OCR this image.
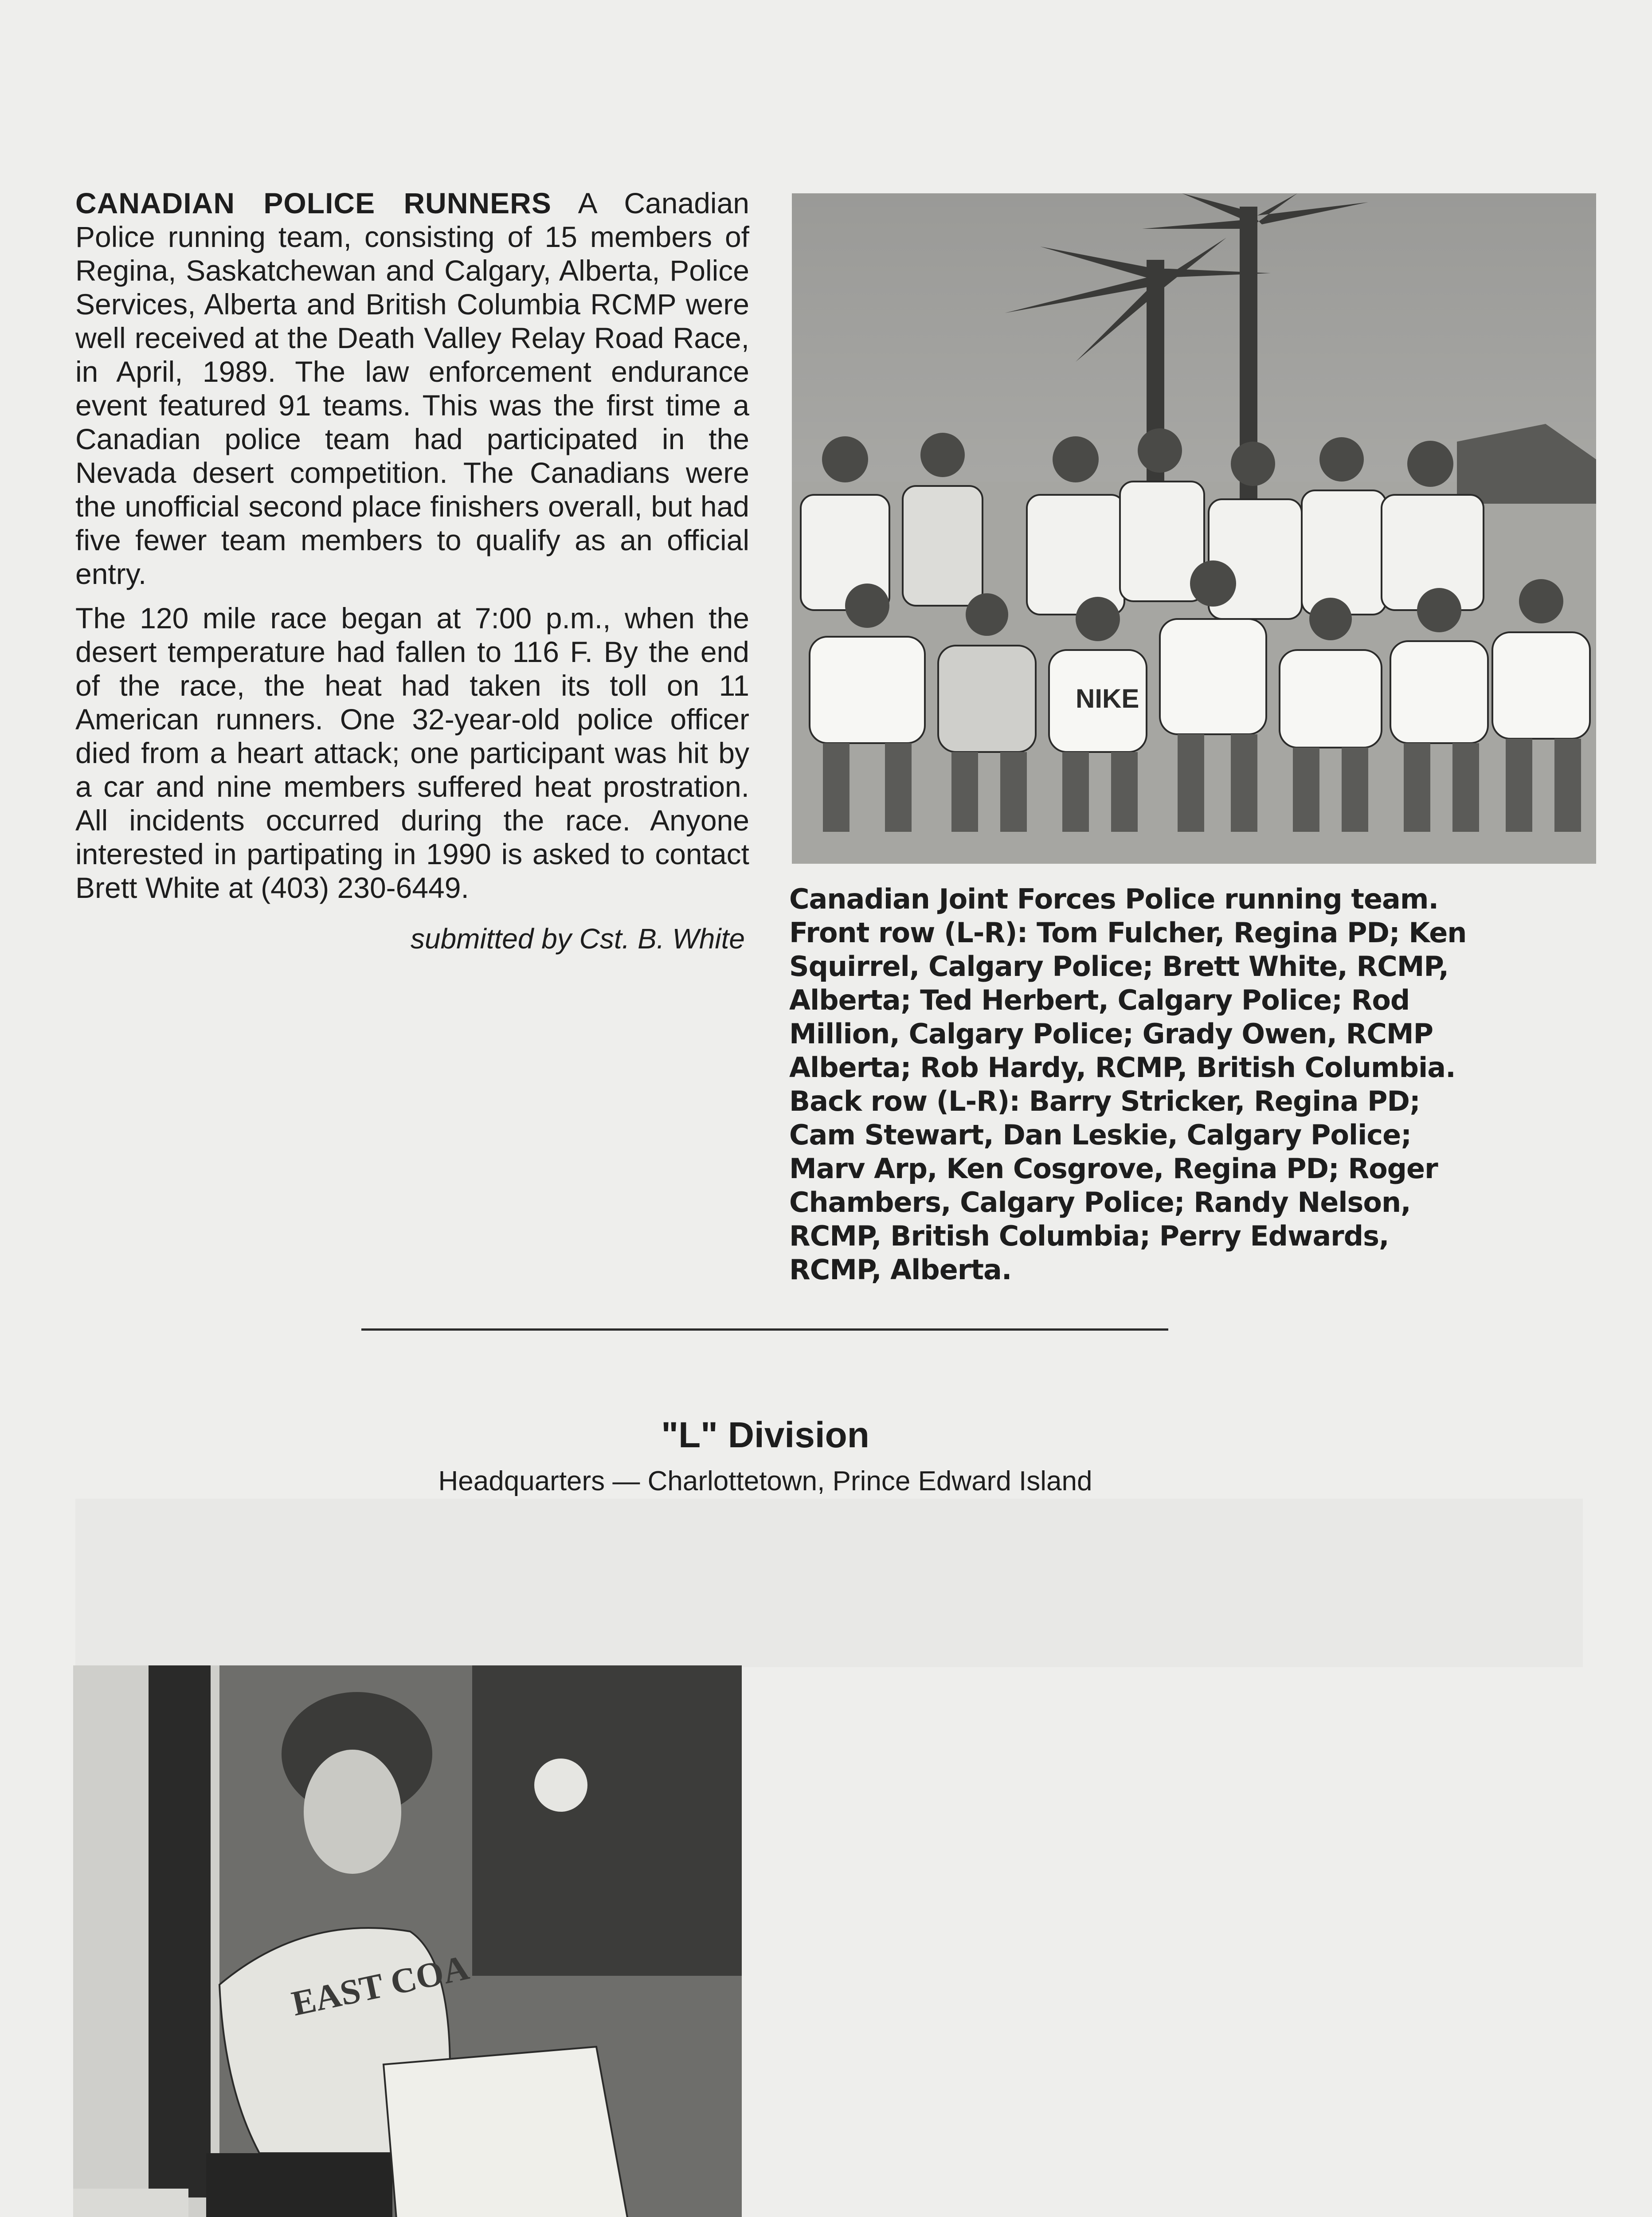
CANADIAN POLICE RUNNERS A Canadian Police running team, consisting of 15 members of Regina, Saskatchewan and Calgary, Alberta, Police Services, Alberta and British Columbia RCMP were well received at the Death Valley Relay Road Race, in April, 1989. The law enforcement endurance event featured 91 teams. This was the first time a Canadian police team had participated in the Nevada desert competition. The Canadians were the unofficial second place finishers overall, but had five fewer team members to qualify as an official entry.

The 120 mile race began at 7:00 p.m., when the desert temperature had fallen to 116 F. By the end of the race, the heat had taken its toll on 11 American runners. One 32-year-old police officer died from a heart attack; one participant was hit by a car and nine members suffered heat prostration. All incidents occurred during the race. Anyone interested in partipating in 1990 is asked to contact Brett White at (403) 230-6449.

submitted by Cst. B. White
NIKE
Canadian Joint Forces Police running team. Front row (L-R): Tom Fulcher, Regina PD; Ken Squirrel, Calgary Police; Brett White, RCMP, Alberta; Ted Herbert, Calgary Police; Rod Million, Calgary Police; Grady Owen, RCMP Alberta; Rob Hardy, RCMP, British Columbia. Back row (L-R): Barry Stricker, Regina PD; Cam Stewart, Dan Leskie, Calgary Police; Marv Arp, Ken Cosgrove, Regina PD; Roger Chambers, Calgary Police; Randy Nelson, RCMP, British Columbia; Perry Edwards, RCMP, Alberta.
"L" Division
Headquarters — Charlottetown, Prince Edward Island
EAST COA
